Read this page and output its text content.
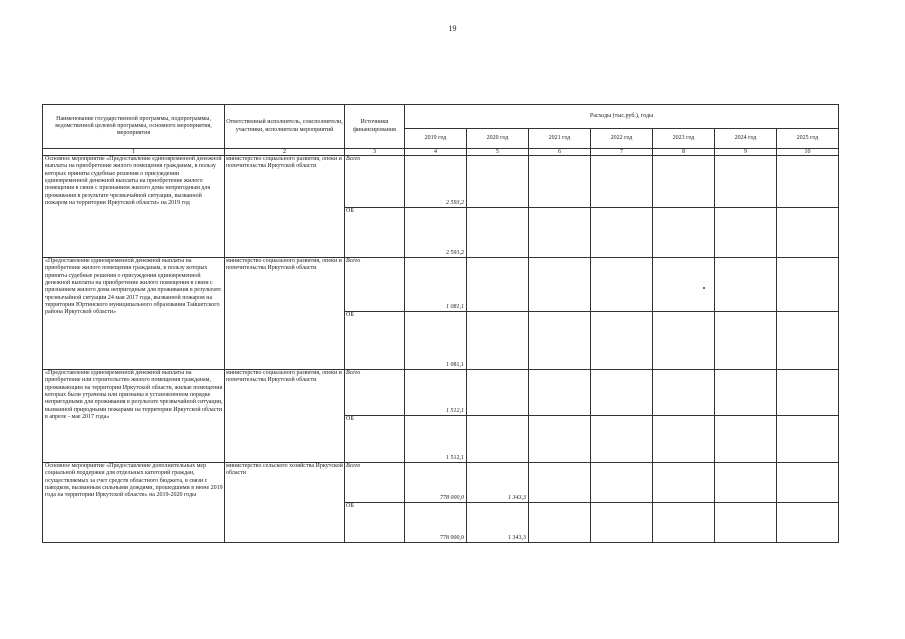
19
Наименование государственной программы, подпрограммы, ведомственной целевой программы, основного мероприятия, мероприятия	Ответственный исполнитель, соисполнители, участники, исполнители мероприятий	Источники финансирования	Расходы (тыс.руб.), годы						
			2019 год	2020 год	2021 год	2022 год	2023 год	2024 год	2025 год
1	2	3	4	5	6	7	8	9	10
Основное мероприятие «Предоставление единовременной денежной выплаты на приобретение жилого помещения гражданам, в пользу которых приняты судебные решения о присуждении единовременной денежной выплаты на приобретение жилого помещения в связи с признанием жилого дома непригодным для проживания в результате чрезвычайной ситуации, вызванной пожаром на территории Иркутской области» на 2019 год	министерство социального развития, опеки и попечительства Иркутской области	Всего	2 593,2						
		ОБ	2 593,2						
«Предоставление единовременной денежной выплаты на приобретение жилого помещения гражданам, в пользу которых приняты судебные решения о присуждении единовременной денежной выплаты на приобретение жилого помещения в связи с признанием жилого дома непригодным для проживания в результате чрезвычайной ситуации 24 мая 2017 года, вызванной пожаром на территории Юртинского муниципального образования Тайшетского района Иркутской области»	министерство социального развития, опеки и попечительства Иркутской области	Всего	1 081,1						
		ОБ	1 081,1						
«Предоставление единовременной денежной выплаты на приобретение или строительство жилого помещения гражданам, проживающим на территории Иркутской области, жилые помещения которых были утрачены или признаны в установленном порядке непригодными для проживания в результате чрезвычайной ситуации, вызванной природными пожарами на территории Иркутской области в апреле - мае 2017 года»	министерство социального развития, опеки и попечительства Иркутской области	Всего	1 512,1						
		ОБ	1 512,1						
Основное мероприятие «Предоставление дополнительных мер социальной поддержки для отдельных категорий граждан, осуществляемых за счет средств областного бюджета, в связи с паводком, вызванным сильными дождями, прошедшими в июне 2019 года на территории Иркутской области» на 2019-2020 годы	министерство сельского хозяйства Иркутской области	Всего	778 000,0	1 343,3					
		ОБ	778 000,0	1 343,3					
